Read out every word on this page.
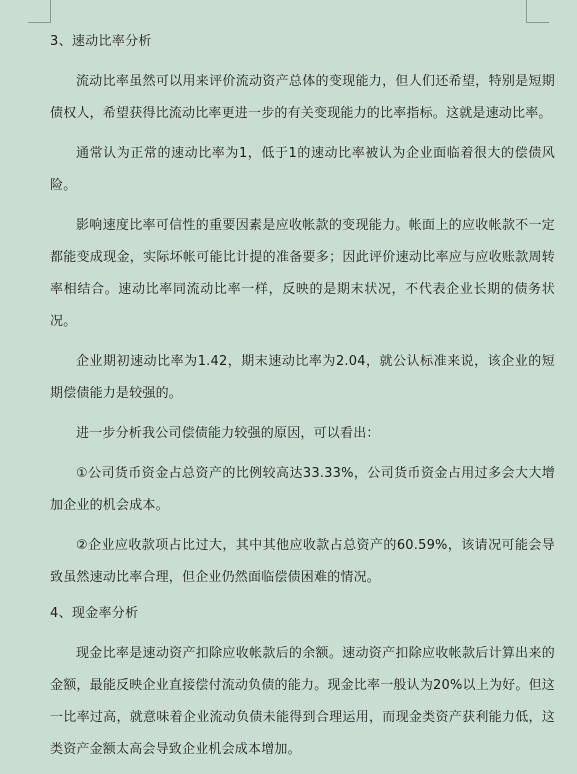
3、速动比率分析

流动比率虽然可以用来评价流动资产总体的变现能力，但人们还希望，特别是短期债权人，希望获得比流动比率更进一步的有关变现能力的比率指标。这就是速动比率。

通常认为正常的速动比率为1，低于1的速动比率被认为企业面临着很大的偿债风险。

影响速度比率可信性的重要因素是应收帐款的变现能力。帐面上的应收帐款不一定都能变成现金，实际坏帐可能比计提的准备要多；因此评价速动比率应与应收账款周转率相结合。速动比率同流动比率一样，反映的是期末状况，不代表企业长期的债务状况。

企业期初速动比率为1.42，期末速动比率为2.04，就公认标准来说，该企业的短期偿债能力是较强的。

进一步分析我公司偿债能力较强的原因，可以看出：

①公司货币资金占总资产的比例较高达33.33%，公司货币资金占用过多会大大增加企业的机会成本。

②企业应收款项占比过大，其中其他应收款占总资产的60.59%，该请况可能会导致虽然速动比率合理，但企业仍然面临偿债困难的情况。

4、现金率分析

现金比率是速动资产扣除应收帐款后的余额。速动资产扣除应收帐款后计算出来的金额，最能反映企业直接偿付流动负债的能力。现金比率一般认为20%以上为好。但这一比率过高，就意味着企业流动负债未能得到合理运用，而现金类资产获利能力低，这类资产金额太高会导致企业机会成本增加。
